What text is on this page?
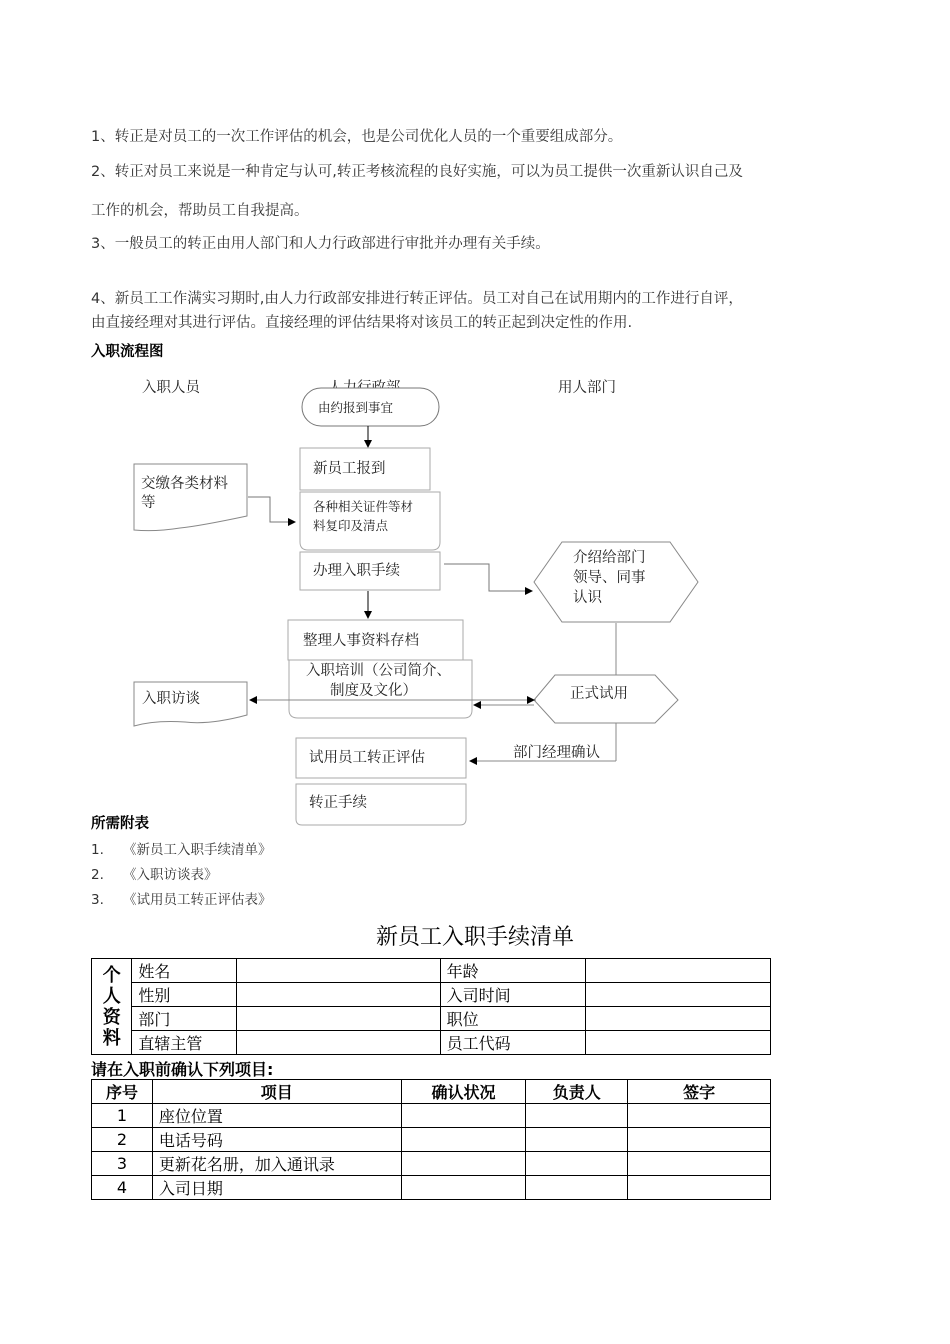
1、转正是对员工的一次工作评估的机会，也是公司优化人员的一个重要组成部分。
2、转正对员工来说是一种肯定与认可,转正考核流程的良好实施，可以为员工提供一次重新认识自己及
工作的机会，帮助员工自我提高。
3、一般员工的转正由用人部门和人力行政部进行审批并办理有关手续。
4、新员工工作满实习期时,由人力行政部安排进行转正评估。员工对自己在试用期内的工作进行自评，
由直接经理对其进行评估。直接经理的评估结果将对该员工的转正起到决定性的作用.
入职流程图
入职人员	用人部门
由约报到事宜
新员工报到
交缴各类材料
等	各种相关证件等材
料复印及清点
办理入职手续
介绍给部门
领导、同事
认识
整理人事资料存档
入职培训（公司简介、
制度及文化）
入职访谈	正式试用
部门经理确认
试用员工转正评估
转正手续
所需附表
1. 《新员工入职手续清单》
2. 《入职访谈表》
3. 《试用员工转正评估表》
新员工入职手续清单
个
人
资
料	姓名		年龄	
	性别		入司时间	
	部门		职位	
	直辖主管		员工代码	
请在入职前确认下列项目:
序号	项目	确认状况	负责人	签字
1	座位位置			
2	电话号码			
3	更新花名册，加入通讯录			
4	入司日期			
